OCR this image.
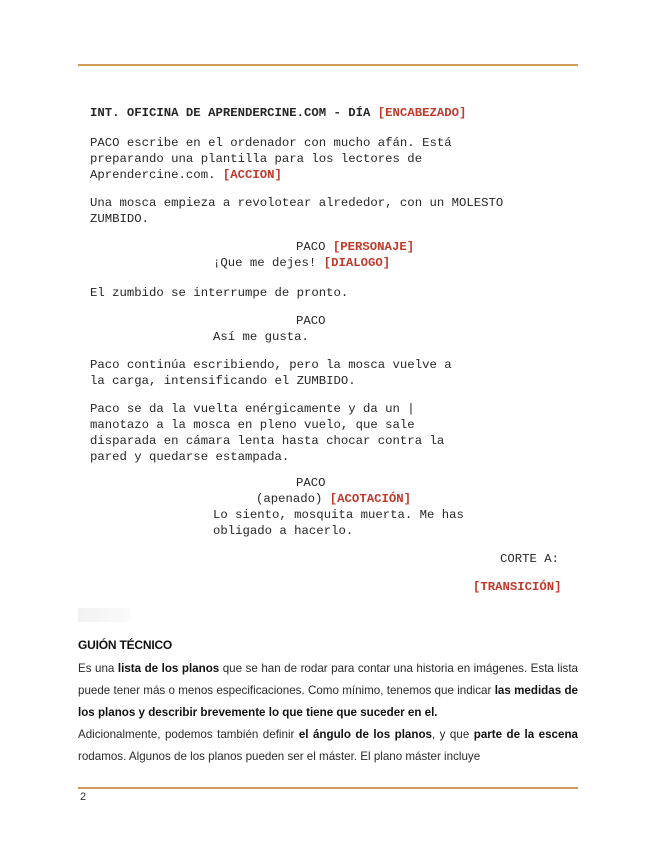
INT. OFICINA DE APRENDERCINE.COM - DÍA [ENCABEZADO]
PACO escribe en el ordenador con mucho afán. Está
preparando una plantilla para los lectores de
Aprendercine.com. [ACCION]
Una mosca empieza a revolotear alrededor, con un MOLESTO
ZUMBIDO.
PACO [PERSONAJE]
¡Que me dejes! [DIALOGO]
El zumbido se interrumpe de pronto.
PACO
Así me gusta.
Paco continúa escribiendo, pero la mosca vuelve a
la carga, intensificando el ZUMBIDO.
Paco se da la vuelta enérgicamente y da un |
manotazo a la mosca en pleno vuelo, que sale
disparada en cámara lenta hasta chocar contra la
pared y quedarse estampada.
PACO
(apenado) [ACOTACIÓN]
Lo siento, mosquita muerta. Me has
obligado a hacerlo.
CORTE A:
[TRANSICIÓN]
GUIÓN TÉCNICO
Es una lista de los planos que se han de rodar para contar una historia en imágenes. Esta lista puede tener más o menos especificaciones. Como mínimo, tenemos que indicar las medidas de los planos y describir brevemente lo que tiene que suceder en el.
Adicionalmente, podemos también definir el ángulo de los planos, y que parte de la escena rodamos. Algunos de los planos pueden ser el máster. El plano máster incluye
2
